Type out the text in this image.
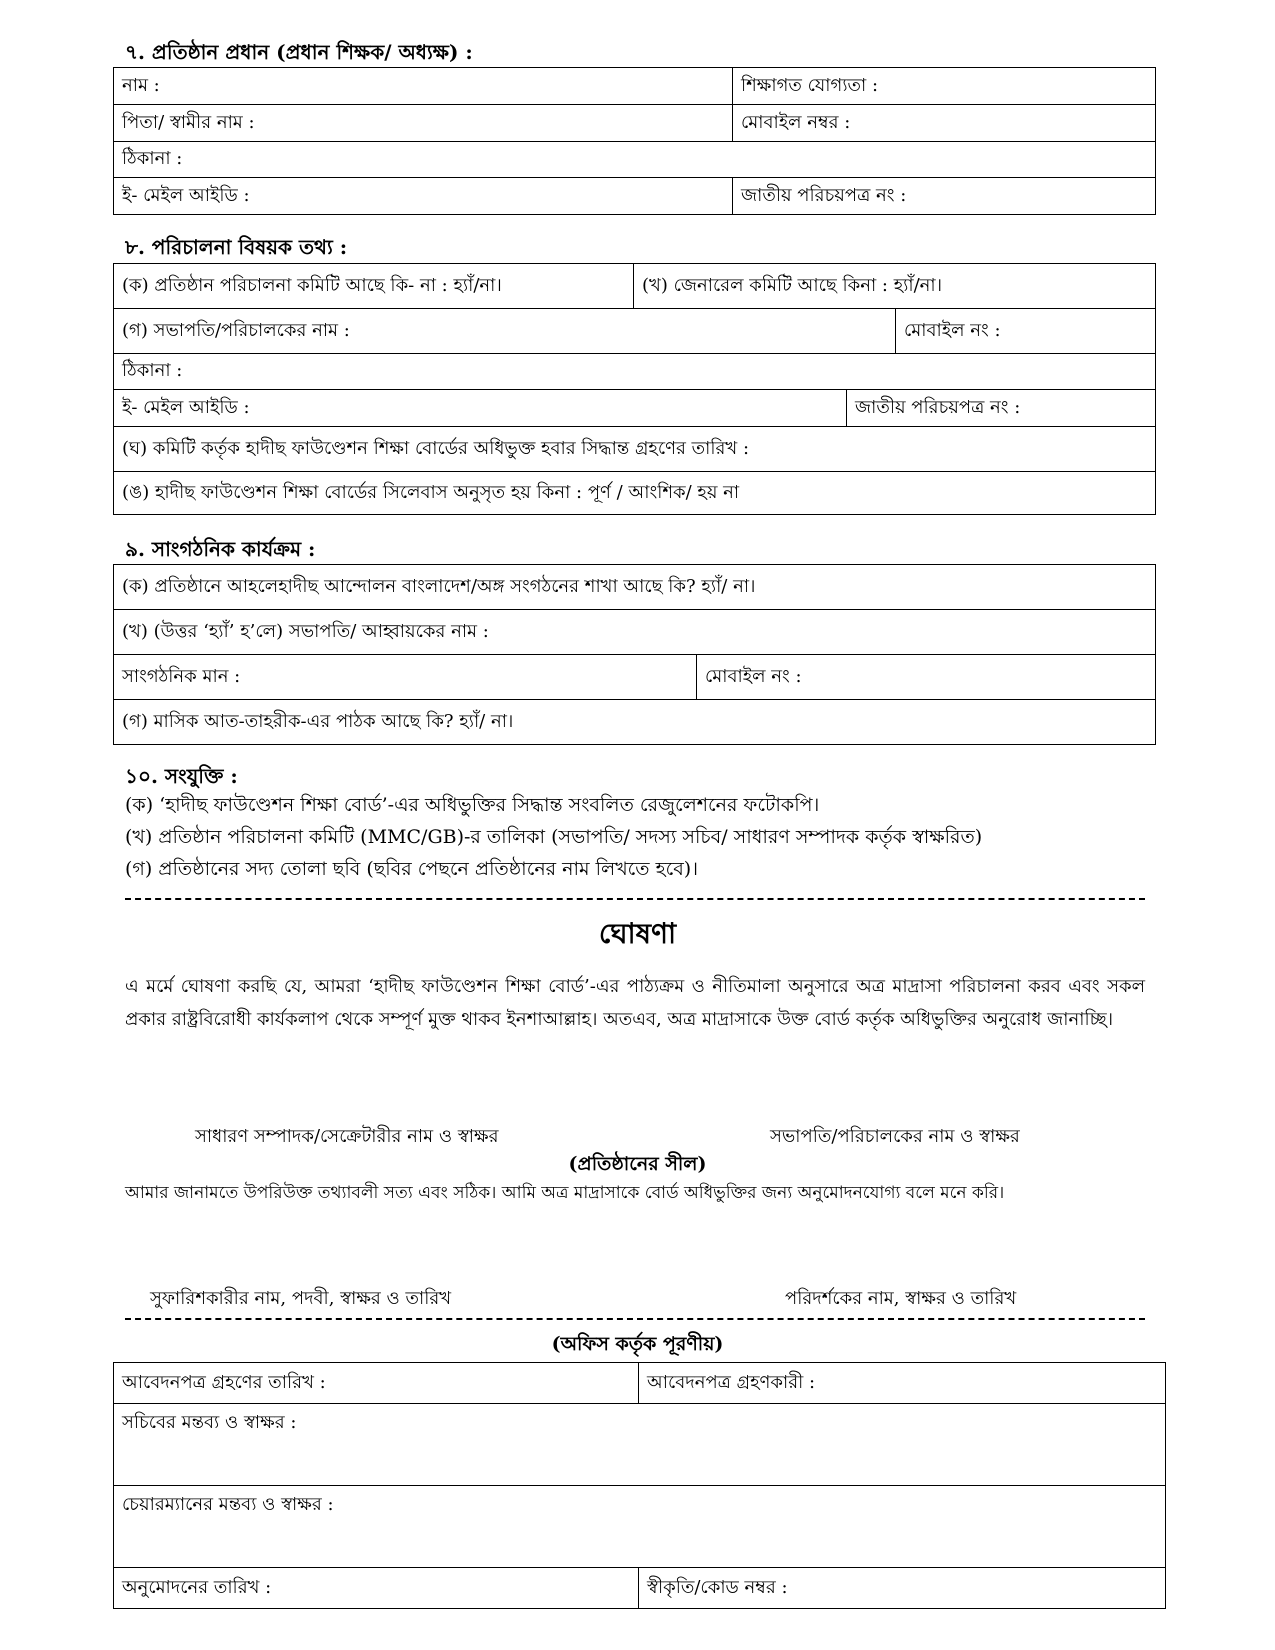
৭. প্রতিষ্ঠান প্রধান (প্রধান শিক্ষক/ অধ্যক্ষ) :
নাম :	শিক্ষাগত যোগ্যতা :
পিতা/ স্বামীর নাম :	মোবাইল নম্বর :
ঠিকানা :	
ই- মেইল আইডি :	জাতীয় পরিচয়পত্র নং :
৮. পরিচালনা বিষয়ক তথ্য :
(ক) প্রতিষ্ঠান পরিচালনা কমিটি আছে কি- না : হ্যাঁ/না।	(খ) জেনারেল কমিটি আছে কিনা : হ্যাঁ/না।		
(গ) সভাপতি/পরিচালকের নাম :			মোবাইল নং :
ঠিকানা :			
ই- মেইল আইডি :		জাতীয় পরিচয়পত্র নং :	
(ঘ) কমিটি কর্তৃক হাদীছ ফাউণ্ডেশন শিক্ষা বোর্ডের অধিভুক্ত হবার সিদ্ধান্ত গ্রহণের তারিখ :			
(ঙ) হাদীছ ফাউণ্ডেশন শিক্ষা বোর্ডের সিলেবাস অনুসৃত হয় কিনা : পূর্ণ / আংশিক/ হয় না			
৯. সাংগঠনিক কার্যক্রম :
(ক) প্রতিষ্ঠানে আহলেহাদীছ আন্দোলন বাংলাদেশ/অঙ্গ সংগঠনের শাখা আছে কি? হ্যাঁ/ না।
(খ) (উত্তর ‘হ্যাঁ’ হ’লে) সভাপতি/ আহ্বায়কের নাম :
সাংগঠনিক মান :	মোবাইল নং :
(গ) মাসিক আত-তাহরীক-এর পাঠক আছে কি? হ্যাঁ/ না।
১০. সংযুক্তি :
(ক) ‘হাদীছ ফাউণ্ডেশন শিক্ষা বোর্ড’-এর অধিভুক্তির সিদ্ধান্ত সংবলিত রেজুলেশনের ফটোকপি।
(খ) প্রতিষ্ঠান পরিচালনা কমিটি (MMC/GB)-র তালিকা (সভাপতি/ সদস্য সচিব/ সাধারণ সম্পাদক কর্তৃক স্বাক্ষরিত)
(গ) প্রতিষ্ঠানের সদ্য তোলা ছবি (ছবির পেছনে প্রতিষ্ঠানের নাম লিখতে হবে)।
ঘোষণা
এ মর্মে ঘোষণা করছি যে, আমরা ‘হাদীছ ফাউণ্ডেশন শিক্ষা বোর্ড’-এর পাঠ্যক্রম ও নীতিমালা অনুসারে অত্র মাদ্রাসা পরিচালনা করব এবং সকল প্রকার রাষ্ট্রবিরোধী কার্যকলাপ থেকে সম্পূর্ণ মুক্ত থাকব ইনশাআল্লাহ। অতএব, অত্র মাদ্রাসাকে উক্ত বোর্ড কর্তৃক অধিভুক্তির অনুরোধ জানাচ্ছি।
সাধারণ সম্পাদক/সেক্রেটারীর নাম ও স্বাক্ষর	সভাপতি/পরিচালকের নাম ও স্বাক্ষর
(প্রতিষ্ঠানের সীল)
আমার জানামতে উপরিউক্ত তথ্যাবলী সত্য এবং সঠিক। আমি অত্র মাদ্রাসাকে বোর্ড অধিভুক্তির জন্য অনুমোদনযোগ্য বলে মনে করি।
সুফারিশকারীর নাম, পদবী, স্বাক্ষর ও তারিখ	পরিদর্শকের নাম, স্বাক্ষর ও তারিখ
(অফিস কর্তৃক পূরণীয়)
আবেদনপত্র গ্রহণের তারিখ :	আবেদনপত্র গ্রহণকারী :
সচিবের মন্তব্য ও স্বাক্ষর :	
চেয়ারম্যানের মন্তব্য ও স্বাক্ষর :	
অনুমোদনের তারিখ :	স্বীকৃতি/কোড নম্বর :
